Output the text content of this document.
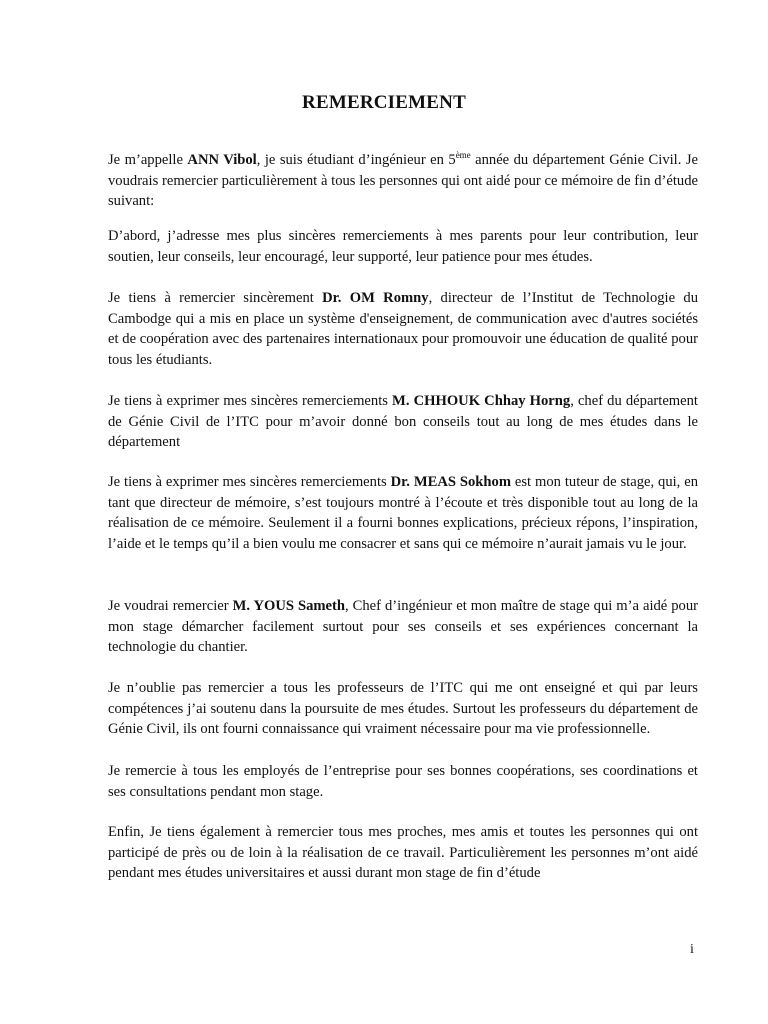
REMERCIEMENT

Je m’appelle ANN Vibol, je suis étudiant d’ingénieur en 5ème année du département Génie Civil. Je voudrais remercier particulièrement à tous les personnes qui ont aidé pour ce mémoire de fin d’étude suivant:

D’abord, j’adresse mes plus sincères remerciements à mes parents pour leur contribution, leur soutien, leur conseils, leur encouragé, leur supporté, leur patience pour mes études.

Je tiens à remercier sincèrement Dr. OM Romny, directeur de l’Institut de Technologie du Cambodge qui a mis en place un système d'enseignement, de communication avec d'autres sociétés et de coopération avec des partenaires internationaux pour promouvoir une éducation de qualité pour tous les étudiants.

Je tiens à exprimer mes sincères remerciements M. CHHOUK Chhay Horng, chef du département de Génie Civil de l’ITC pour m’avoir donné bon conseils tout au long de mes études dans le département

Je tiens à exprimer mes sincères remerciements Dr. MEAS Sokhom est mon tuteur de stage, qui, en tant que directeur de mémoire, s’est toujours montré à l’écoute et très disponible tout au long de la réalisation de ce mémoire. Seulement il a fourni bonnes explications, précieux répons, l’inspiration, l’aide et le temps qu’il a bien voulu me consacrer et sans qui ce mémoire n’aurait jamais vu le jour.

Je voudrai remercier M. YOUS Sameth, Chef d’ingénieur et mon maître de stage qui m’a aidé pour mon stage démarcher facilement surtout pour ses conseils et ses expériences concernant la technologie du chantier.

Je n’oublie pas remercier a tous les professeurs de l’ITC qui me ont enseigné et qui par leurs compétences j’ai soutenu dans la poursuite de mes études. Surtout les professeurs du département de Génie Civil, ils ont fourni connaissance qui vraiment nécessaire pour ma vie professionnelle.

Je remercie à tous les employés de l’entreprise pour ses bonnes coopérations, ses coordinations et ses consultations pendant mon stage.

Enfin, Je tiens également à remercier tous mes proches, mes amis et toutes les personnes qui ont participé de près ou de loin à la réalisation de ce travail. Particulièrement les personnes m’ont aidé pendant mes études universitaires et aussi durant mon stage de fin d’étude

i
